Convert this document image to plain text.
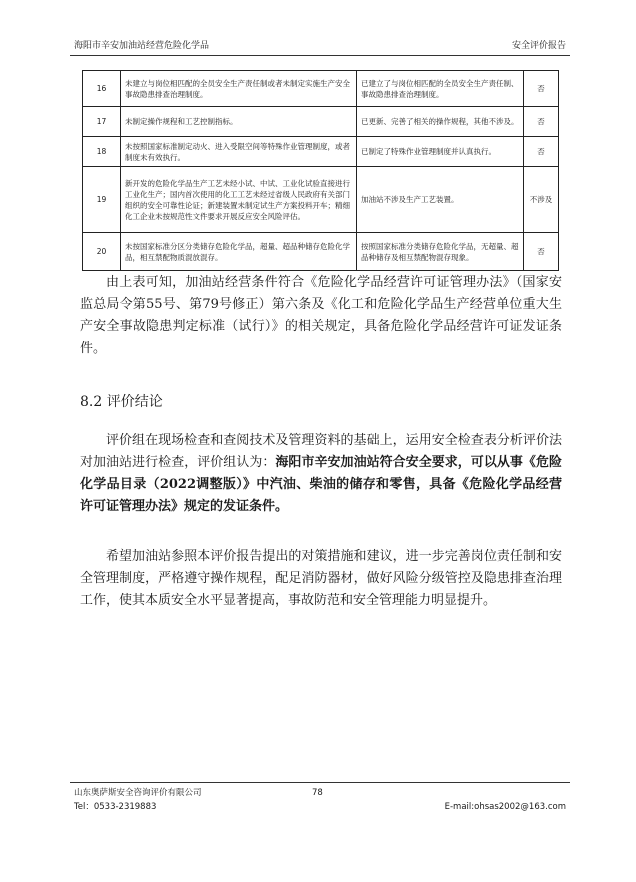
海阳市辛安加油站经营危险化学品	安全评价报告
16	未建立与岗位相匹配的全员安全生产责任制或者未制定实施生产安全事故隐患排查治理制度。	已建立了与岗位相匹配的全员安全生产责任制、事故隐患排查治理制度。	否
17	未制定操作规程和工艺控制指标。	已更新、完善了相关的操作规程，其他不涉及。	否
18	未按照国家标准制定动火、进入受限空间等特殊作业管理制度，或者制度未有效执行。	已制定了特殊作业管理制度并认真执行。	否
19	新开发的危险化学品生产工艺未经小试、中试、工业化试验直接进行工业化生产；国内首次使用的化工工艺未经过省级人民政府有关部门组织的安全可靠性论证；新建装置未制定试生产方案投料开车；精细化工企业未按规范性文件要求开展反应安全风险评估。	加油站不涉及生产工艺装置。	不涉及
20	未按国家标准分区分类储存危险化学品，超量、超品种储存危险化学品，相互禁配物质混放混存。	按照国家标准分类储存危险化学品，无超量、超品种储存及相互禁配物混存现象。	否

由上表可知，加油站经营条件符合《危险化学品经营许可证管理办法》（国家安监总局令第55号、第79号修正）第六条及《化工和危险化学品生产经营单位重大生产安全事故隐患判定标准（试行）》的相关规定，具备危险化学品经营许可证发证条件。

8.2 评价结论

评价组在现场检查和查阅技术及管理资料的基础上，运用安全检查表分析评价法对加油站进行检查，评价组认为：海阳市辛安加油站符合安全要求，可以从事《危险化学品目录（2022调整版）》中汽油、柴油的储存和零售，具备《危险化学品经营许可证管理办法》规定的发证条件。

希望加油站参照本评价报告提出的对策措施和建议，进一步完善岗位责任制和安全管理制度，严格遵守操作规程，配足消防器材，做好风险分级管控及隐患排查治理工作，使其本质安全水平显著提高，事故防范和安全管理能力明显提升。

山东奥萨斯安全咨询评价有限公司	78
Tel：0533-2319883	E-mail:ohsas2002@163.com
